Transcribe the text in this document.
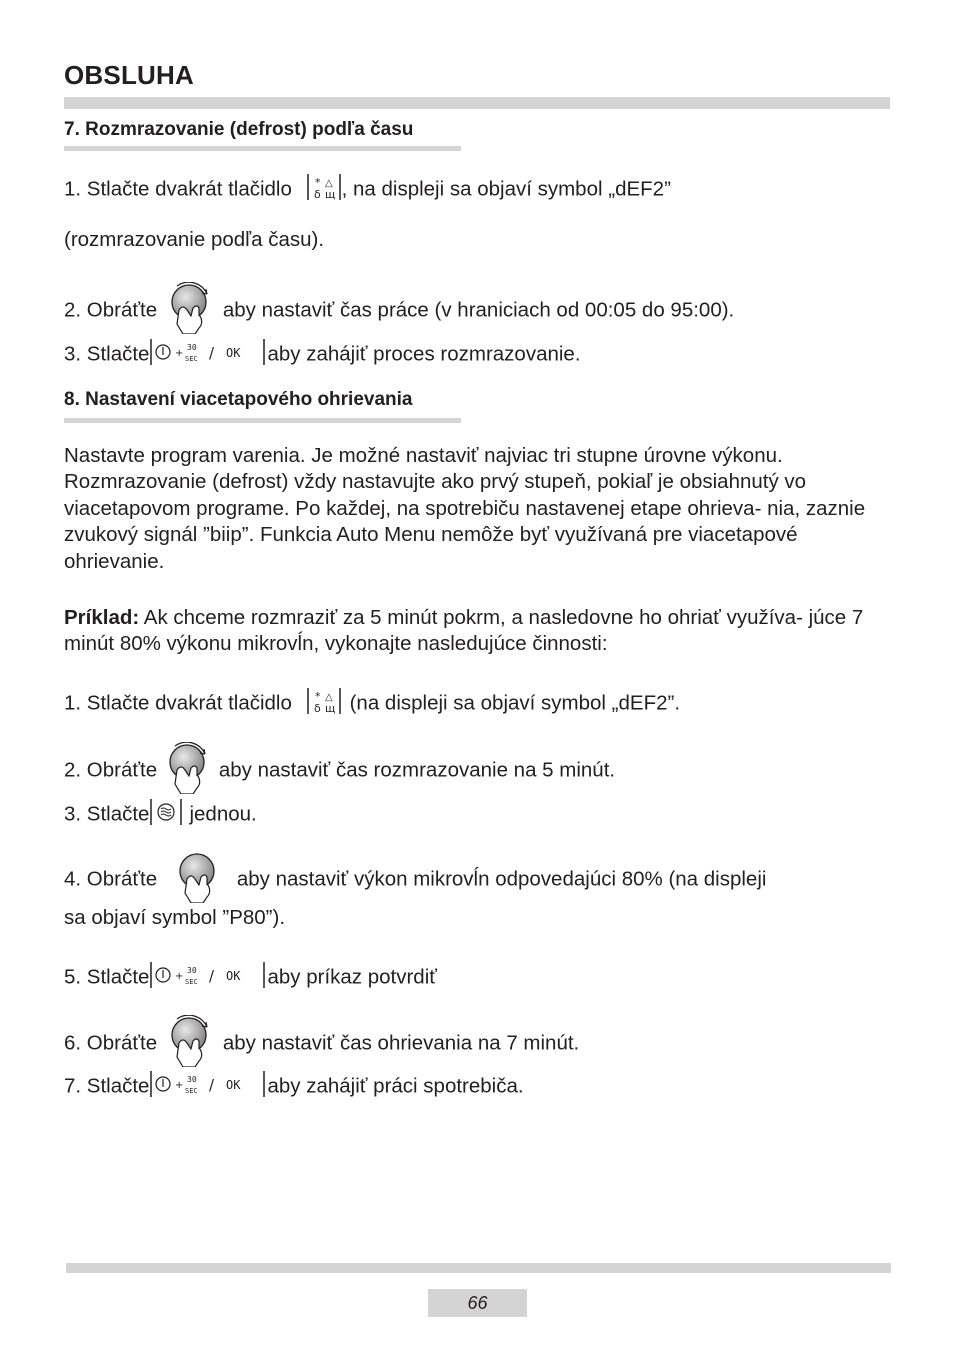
OBSLUHA
7. Rozmrazovanie (defrost) podľa času
1. Stlačte dvakrát tlačidlo * △
δ щ , na displeji sa objaví symbol „dEF2”
(rozmrazovanie podľa času).
2. Obráťte	aby nastaviť čas práce (v hraniciach od 00:05 do 95:00).
3. Stlačte	+
30
SEC / OK aby zahájiť proces rozmrazovanie.
8. Nastavení viacetapového ohrievania
Nastavte program varenia. Je možné nastaviť najviac tri stupne úrovne výkonu. Rozmrazovanie (defrost) vždy nastavujte ako prvý stupeň, pokiaľ je obsiahnutý vo viacetapovom programe. Po každej, na spotrebiču nastavenej etape ohrieva- nia, zaznie zvukový signál ”biip”. Funkcia Auto Menu nemôže byť využívaná pre viacetapové ohrievanie.
Príklad: Ak chceme rozmraziť za 5 minút pokrm, a nasledovne ho ohriať využíva- júce 7 minút 80% výkonu mikrovĺn, vykonajte nasledujúce činnosti:
1. Stlačte dvakrát tlačidlo * △
δ щ (na displeji sa objaví symbol „dEF2”.
2. Obráťte	aby nastaviť čas rozmrazovanie na 5 minút.
3. Stlačte jednou.
4. Obráťte	aby nastaviť výkon mikrovĺn odpovedajúci 80% (na displeji
sa objaví symbol ”P80”).
5. Stlačte	+
30
SEC / OK aby príkaz potvrdiť
6. Obráťte	aby nastaviť čas ohrievania na 7 minút.
7. Stlačte	+
30
SEC / OK aby zahájiť práci spotrebiča.
66
